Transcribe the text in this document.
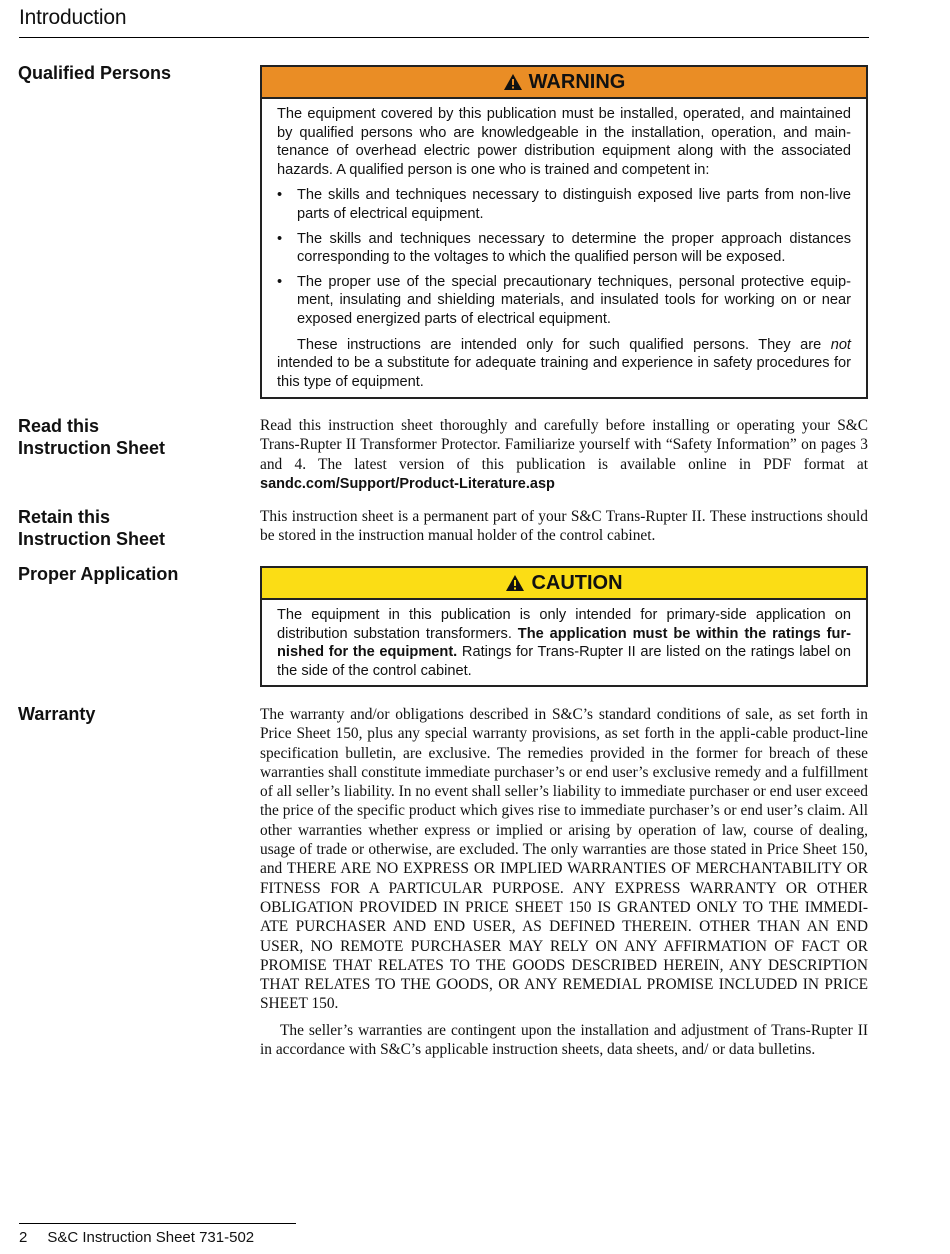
Introduction
Qualified Persons	WARNING

The equipment covered by this publication must be installed, operated, and maintained by qualified persons who are knowledgeable in the installation, operation, and main-tenance of overhead electric power distribution equipment along with the associated hazards. A qualified person is one who is trained and competent in:

• The skills and techniques necessary to distinguish exposed live parts from non-live parts of electrical equipment.
• The skills and techniques necessary to determine the proper approach distances corresponding to the voltages to which the qualified person will be exposed.
• The proper use of the special precautionary techniques, personal protective equip-ment, insulating and shielding materials, and insulated tools for working on or near exposed energized parts of electrical equipment.

These instructions are intended only for such qualified persons. They are not intended to be a substitute for adequate training and experience in safety procedures for this type of equipment.

Read this
Instruction Sheet

Read this instruction sheet thoroughly and carefully before installing or operating your S&C Trans-Rupter II Transformer Protector. Familiarize yourself with “Safety Information” on pages 3 and 4. The latest version of this publication is available online in PDF format at sandc.com/Support/Product-Literature.asp

Retain this
Instruction Sheet

This instruction sheet is a permanent part of your S&C Trans-Rupter II. These instructions should be stored in the instruction manual holder of the control cabinet.

Proper Application	CAUTION

The equipment in this publication is only intended for primary-side application on distribution substation transformers. The application must be within the ratings fur-nished for the equipment. Ratings for Trans-Rupter II are listed on the ratings label on the side of the control cabinet.

Warranty	The warranty and/or obligations described in S&C’s standard conditions of sale, as set forth in Price Sheet 150, plus any special warranty provisions, as set forth in the appli-cable product-line specification bulletin, are exclusive. The remedies provided in the former for breach of these warranties shall constitute immediate purchaser’s or end user’s exclusive remedy and a fulfillment of all seller’s liability. In no event shall seller’s liability to immediate purchaser or end user exceed the price of the specific product which gives rise to immediate purchaser’s or end user’s claim. All other warranties whether express or implied or arising by operation of law, course of dealing, usage of trade or otherwise, are excluded. The only warranties are those stated in Price Sheet 150, and THERE ARE NO EXPRESS OR IMPLIED WARRANTIES OF MERCHANTABILITY OR FITNESS FOR A PARTICULAR PURPOSE. ANY EXPRESS WARRANTY OR OTHER OBLIGATION PROVIDED IN PRICE SHEET 150 IS GRANTED ONLY TO THE IMMEDI-ATE PURCHASER AND END USER, AS DEFINED THEREIN. OTHER THAN AN END USER, NO REMOTE PURCHASER MAY RELY ON ANY AFFIRMATION OF FACT OR PROMISE THAT RELATES TO THE GOODS DESCRIBED HEREIN, ANY DESCRIPTION THAT RELATES TO THE GOODS, OR ANY REMEDIAL PROMISE INCLUDED IN PRICE SHEET 150.

The seller’s warranties are contingent upon the installation and adjustment of Trans-Rupter II in accordance with S&C’s applicable instruction sheets, data sheets, and/ or data bulletins.

2 S&C Instruction Sheet 731-502
